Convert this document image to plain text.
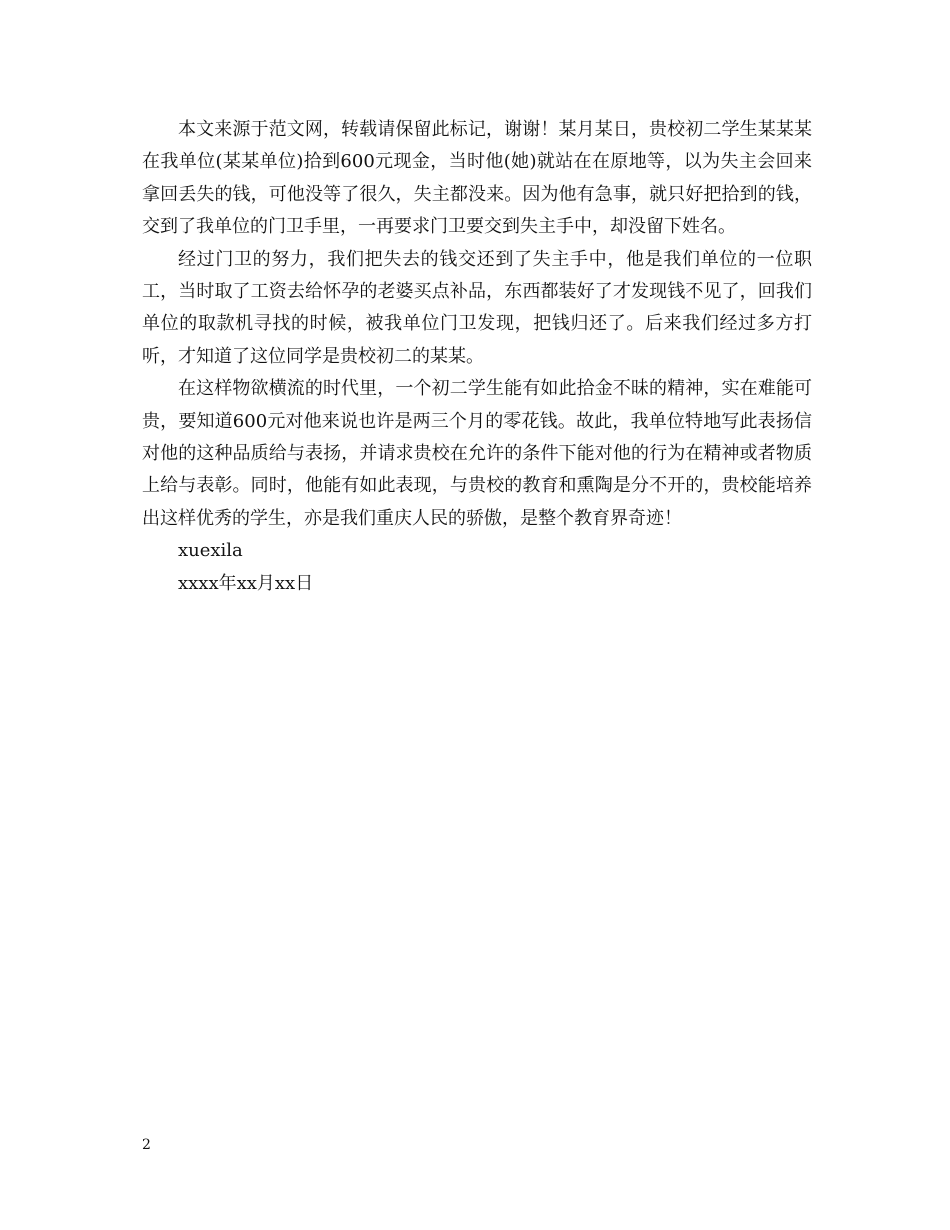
本文来源于范文网，转载请保留此标记，谢谢！某月某日，贵校初二学生某某某在我单位(某某单位)拾到600元现金，当时他(她)就站在在原地等，以为失主会回来拿回丢失的钱，可他没等了很久，失主都没来。因为他有急事，就只好把拾到的钱，交到了我单位的门卫手里，一再要求门卫要交到失主手中，却没留下姓名。

经过门卫的努力，我们把失去的钱交还到了失主手中，他是我们单位的一位职工，当时取了工资去给怀孕的老婆买点补品，东西都装好了才发现钱不见了，回我们单位的取款机寻找的时候，被我单位门卫发现，把钱归还了。后来我们经过多方打听，才知道了这位同学是贵校初二的某某。

在这样物欲横流的时代里，一个初二学生能有如此拾金不昧的精神，实在难能可贵，要知道600元对他来说也许是两三个月的零花钱。故此，我单位特地写此表扬信对他的这种品质给与表扬，并请求贵校在允许的条件下能对他的行为在精神或者物质上给与表彰。同时，他能有如此表现，与贵校的教育和熏陶是分不开的，贵校能培养出这样优秀的学生，亦是我们重庆人民的骄傲，是整个教育界奇迹！

xuexila
xxxx年xx月xx日
2
